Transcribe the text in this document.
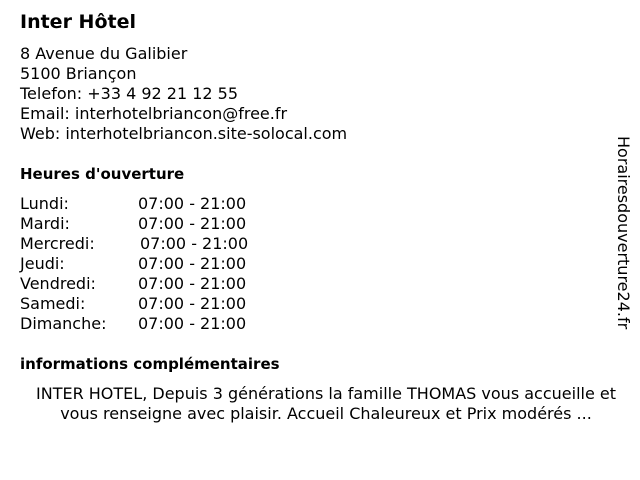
Inter Hôtel
8 Avenue du Galibier
5100 Briançon
Telefon: +33 4 92 21 12 55
Email: interhotelbriancon@free.fr
Web: interhotelbriancon.site-solocal.com
Heures d'ouverture
Lundi:	07:00 - 21:00
Mardi:	07:00 - 21:00
Mercredi:	07:00 - 21:00
Jeudi:	07:00 - 21:00
Vendredi:	07:00 - 21:00
Samedi:	07:00 - 21:00
Dimanche: 07:00 - 21:00
informations complémentaires
INTER HOTEL, Depuis 3 générations la famille THOMAS vous accueille et vous renseigne avec plaisir. Accueil Chaleureux et Prix modérés ...
Horairesdouverture24.fr
